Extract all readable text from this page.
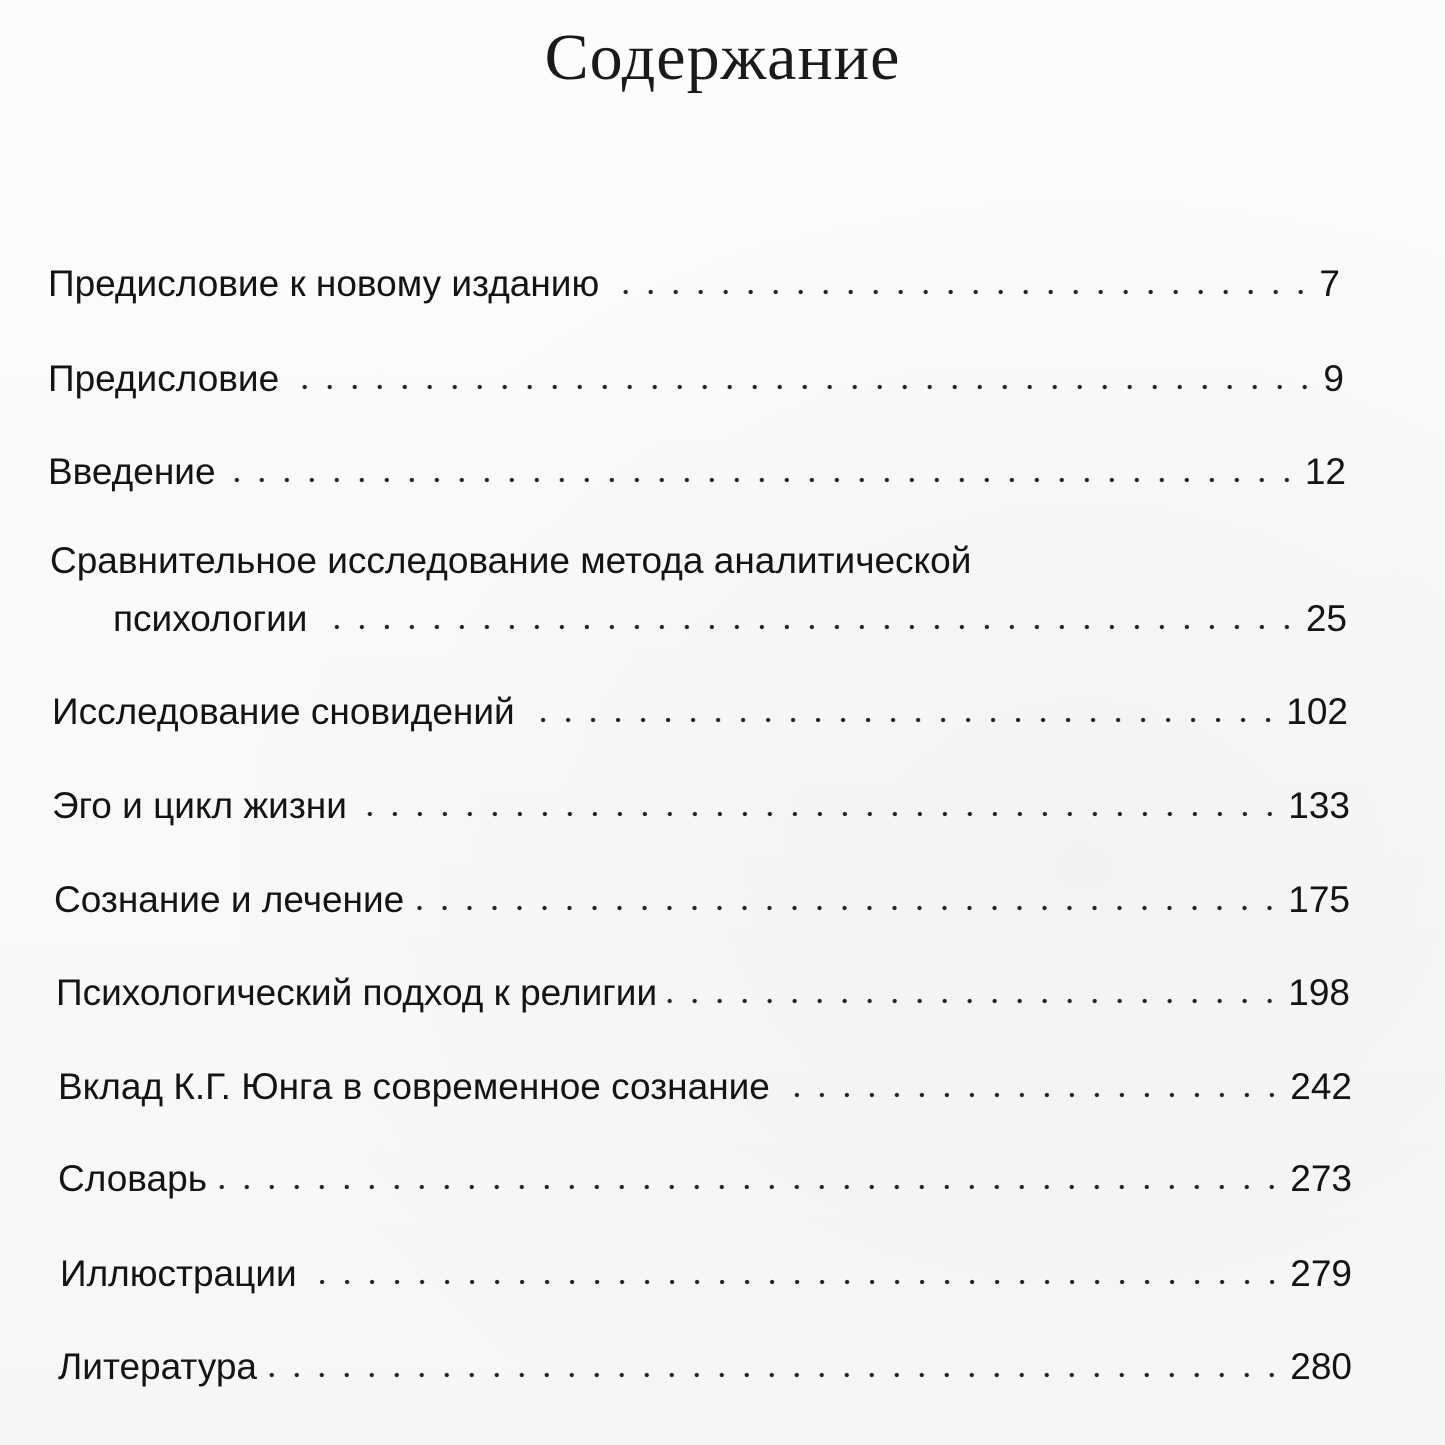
Содержание
Предисловие к новому изданию	7
Предисловие	9
Введение	12
Сравнительное исследование метода аналитической
психологии	25
Исследование сновидений	102
Эго и цикл жизни	133
Сознание и лечение	175
Психологический подход к религии	198
Вклад К.Г. Юнга в современное сознание	242
Словарь	273
Иллюстрации	279
Литература	280
